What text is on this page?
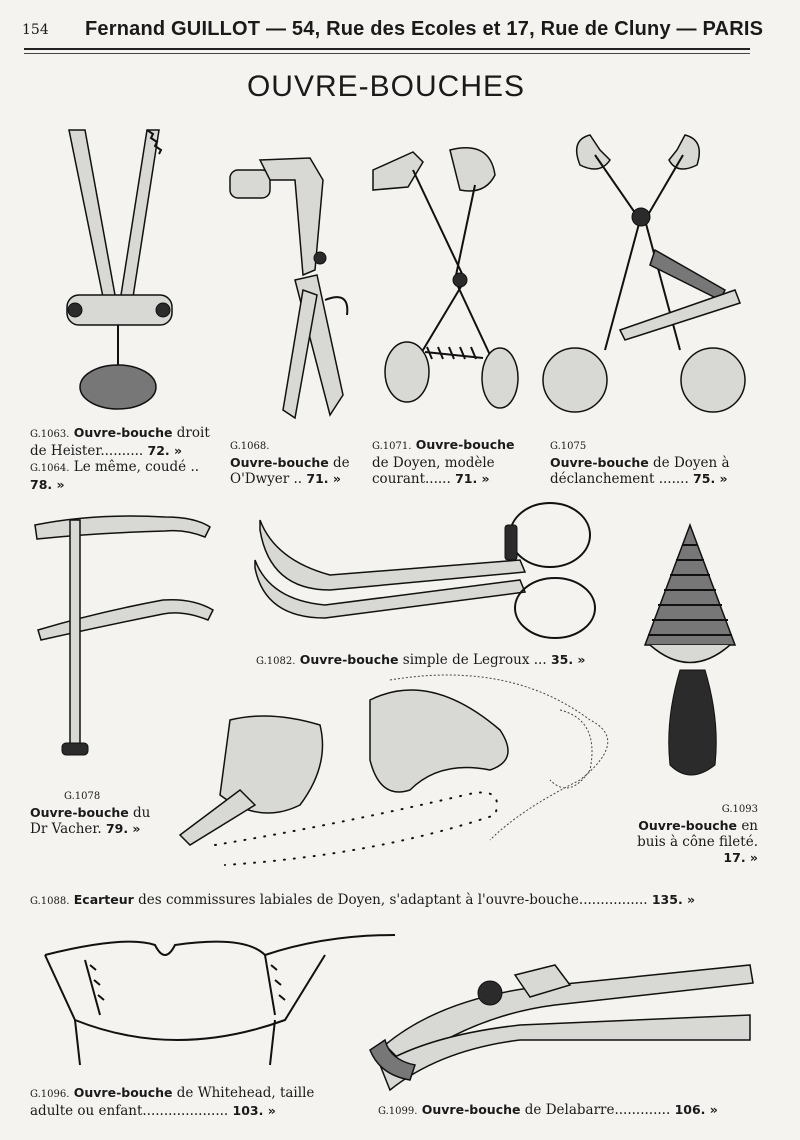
154 Fernand GUILLOT — 54, Rue des Ecoles et 17, Rue de Cluny — PARIS
OUVRE-BOUCHES
G.1063. Ouvre-bouche droit de Heister.......... 72. »
G.1064. Le même, coudé .. 78. »
G.1068.
Ouvre-bouche de O'Dwyer .. 71. »
G.1071. Ouvre-bouche de Doyen, modèle courant...... 71. »
G.1075
Ouvre-bouche de Doyen à déclanchement ....... 75. »
G.1082. Ouvre-bouche simple de Legroux ... 35. »
G.1078
Ouvre-bouche du Dr Vacher. 79. »
G.1093
Ouvre-bouche en buis à cône fileté. 17. »
G.1088. Ecarteur des commissures labiales de Doyen, s'adaptant à l'ouvre-bouche................ 135. »
G.1096. Ouvre-bouche de Whitehead, taille adulte ou enfant.................... 103. »	G.1099. Ouvre-bouche de Delabarre............. 106. »
